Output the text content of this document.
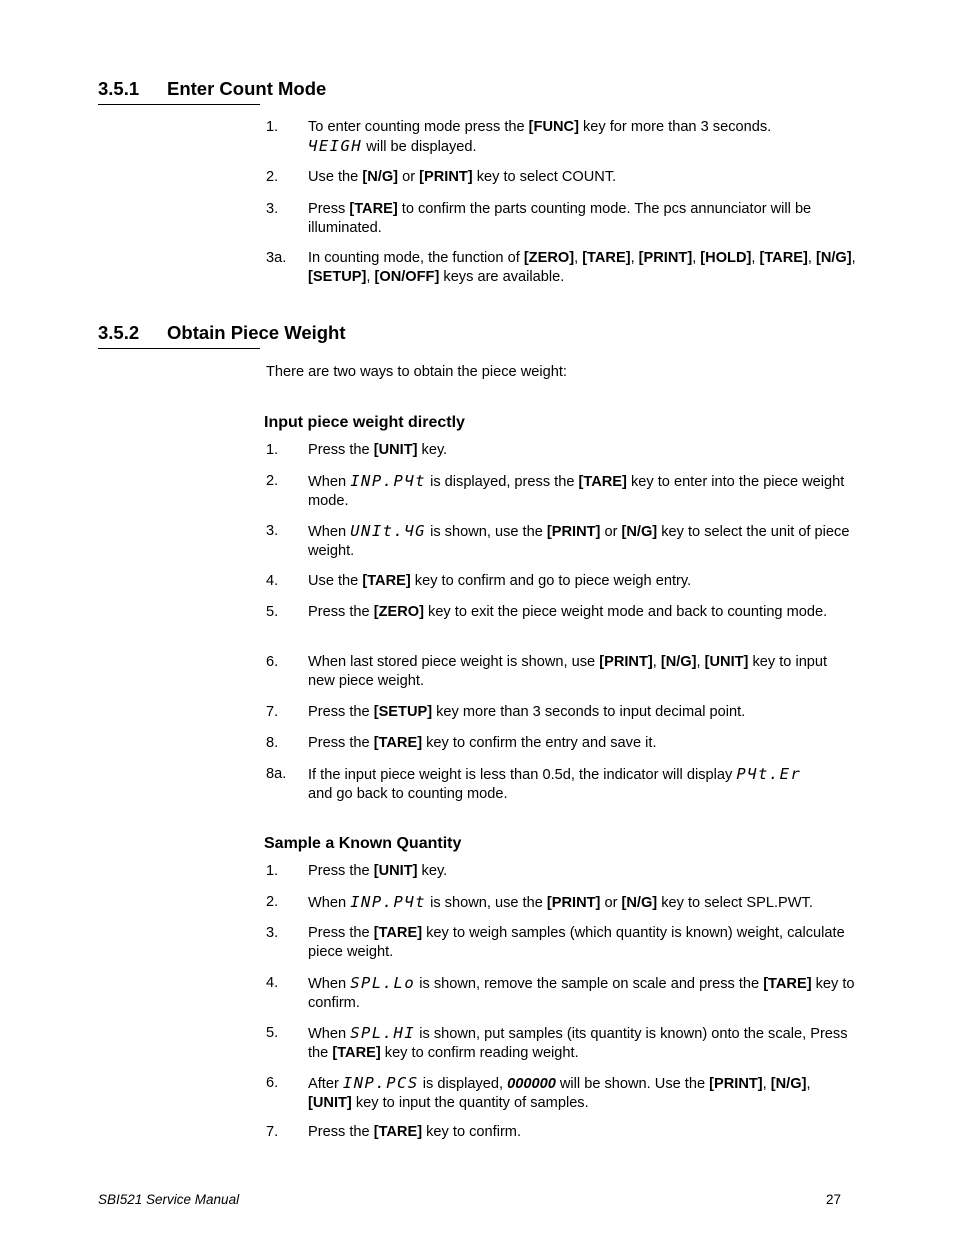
3.5.1 Enter Count Mode
1. To enter counting mode press the [FUNC] key for more than 3 seconds.
ЧEIGH will be displayed.
2. Use the [N/G] or [PRINT] key to select COUNT.
3. Press [TARE] to confirm the parts counting mode. The pcs annunciator will be illuminated.
3a. In counting mode, the function of [ZERO], [TARE], [PRINT], [HOLD], [TARE], [N/G], [SETUP], [ON/OFF] keys are available.
3.5.2 Obtain Piece Weight
There are two ways to obtain the piece weight:
Input piece weight directly
1. Press the [UNIT] key.
2. When INP.PЧt is displayed, press the [TARE] key to enter into the piece weight mode.
3. When UNIt.ЧG is shown, use the [PRINT] or [N/G] key to select the unit of piece weight.
4. Use the [TARE] key to confirm and go to piece weigh entry.
5. Press the [ZERO] key to exit the piece weight mode and back to counting mode.
6. When last stored piece weight is shown, use [PRINT], [N/G], [UNIT] key to input new piece weight.
7. Press the [SETUP] key more than 3 seconds to input decimal point.
8. Press the [TARE] key to confirm the entry and save it.
8a. If the input piece weight is less than 0.5d, the indicator will display PЧt.Er
and go back to counting mode.
Sample a Known Quantity
1. Press the [UNIT] key.
2. When INP.PЧt is shown, use the [PRINT] or [N/G] key to select SPL.PWT.
3. Press the [TARE] key to weigh samples (which quantity is known) weight, calculate piece weight.
4. When SPL.Lo is shown, remove the sample on scale and press the [TARE] key to confirm.
5. When SPL.HI is shown, put samples (its quantity is known) onto the scale, Press the [TARE] key to confirm reading weight.
6. After INP.PCS is displayed, 000000 will be shown. Use the [PRINT], [N/G], [UNIT] key to input the quantity of samples.
7. Press the [TARE] key to confirm.
SBI521 Service Manual	27
